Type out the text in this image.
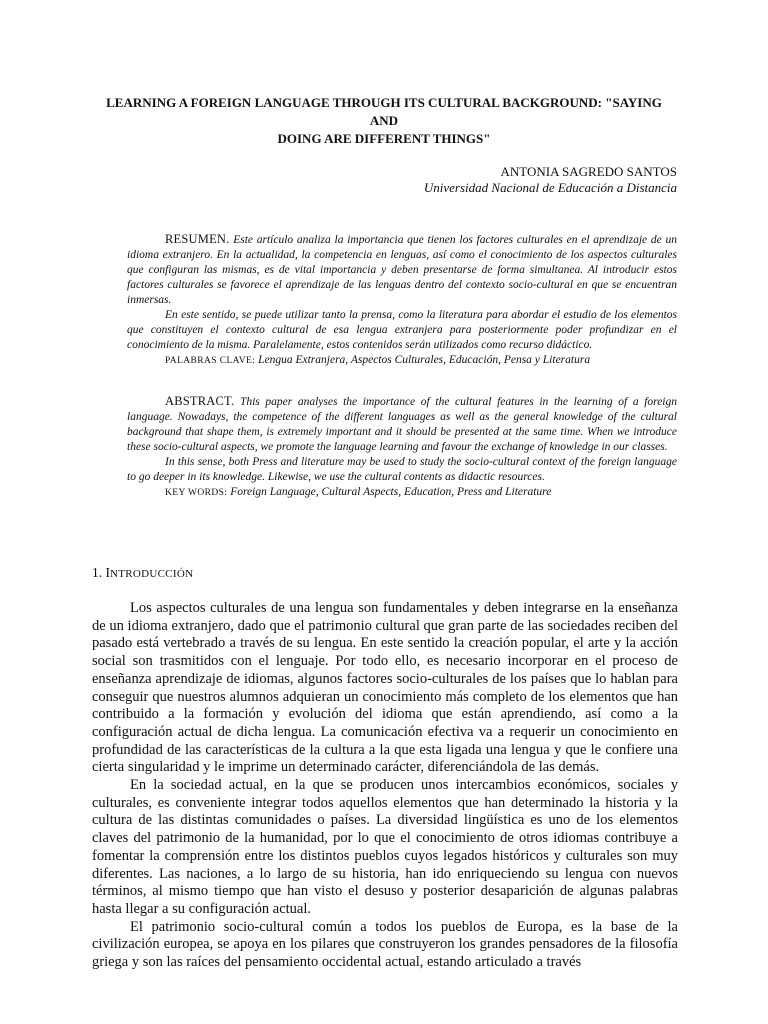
LEARNING A FOREIGN LANGUAGE THROUGH ITS CULTURAL BACKGROUND: "SAYING AND
DOING ARE DIFFERENT THINGS"
ANTONIA SAGREDO SANTOS
Universidad Nacional de Educación a Distancia

RESUMEN. Este artículo analiza la importancia que tienen los factores culturales en el aprendizaje de un idioma extranjero. En la actualidad, la competencia en lenguas, así como el conocimiento de los aspectos culturales que configuran las mismas, es de vital importancia y deben presentarse de forma simultanea. Al introducir estos factores culturales se favorece el aprendizaje de las lenguas dentro del contexto socio-cultural en que se encuentran inmersas.

En este sentido, se puede utilizar tanto la prensa, como la literatura para abordar el estudio de los elementos que constituyen el contexto cultural de esa lengua extranjera para posteriormente poder profundizar en el conocimiento de la misma. Paralelamente, estos contenidos serán utilizados como recurso didáctico.

PALABRAS CLAVE: Lengua Extranjera, Aspectos Culturales, Educación, Pensa y Literatura

ABSTRACT. This paper analyses the importance of the cultural features in the learning of a foreign language. Nowadays, the competence of the different languages as well as the general knowledge of the cultural background that shape them, is extremely important and it should be presented at the same time. When we introduce these socio-cultural aspects, we promote the language learning and favour the exchange of knowledge in our classes.

In this sense, both Press and literature may be used to study the socio-cultural context of the foreign language to go deeper in its knowledge. Likewise, we use the cultural contents as didactic resources.

KEY WORDS: Foreign Language, Cultural Aspects, Education, Press and Literature

1. INTRODUCCIÓN

Los aspectos culturales de una lengua son fundamentales y deben integrarse en la enseñanza de un idioma extranjero, dado que el patrimonio cultural que gran parte de las sociedades reciben del pasado está vertebrado a través de su lengua. En este sentido la creación popular, el arte y la acción social son trasmitidos con el lenguaje. Por todo ello, es necesario incorporar en el proceso de enseñanza aprendizaje de idiomas, algunos factores socio-culturales de los países que lo hablan para conseguir que nuestros alumnos adquieran un conocimiento más completo de los elementos que han contribuido a la formación y evolución del idioma que están aprendiendo, así como a la configuración actual de dicha lengua. La comunicación efectiva va a requerir un conocimiento en profundidad de las características de la cultura a la que esta ligada una lengua y que le confiere una cierta singularidad y le imprime un determinado carácter, diferenciándola de las demás.

En la sociedad actual, en la que se producen unos intercambios económicos, sociales y culturales, es conveniente integrar todos aquellos elementos que han determinado la historia y la cultura de las distintas comunidades o países. La diversidad lingüística es uno de los elementos claves del patrimonio de la humanidad, por lo que el conocimiento de otros idiomas contribuye a fomentar la comprensión entre los distintos pueblos cuyos legados históricos y culturales son muy diferentes. Las naciones, a lo largo de su historia, han ido enriqueciendo su lengua con nuevos términos, al mismo tiempo que han visto el desuso y posterior desaparición de algunas palabras hasta llegar a su configuración actual.

El patrimonio socio-cultural común a todos los pueblos de Europa, es la base de la civilización europea, se apoya en los pilares que construyeron los grandes pensadores de la filosofía griega y son las raíces del pensamiento occidental actual, estando articulado a través
